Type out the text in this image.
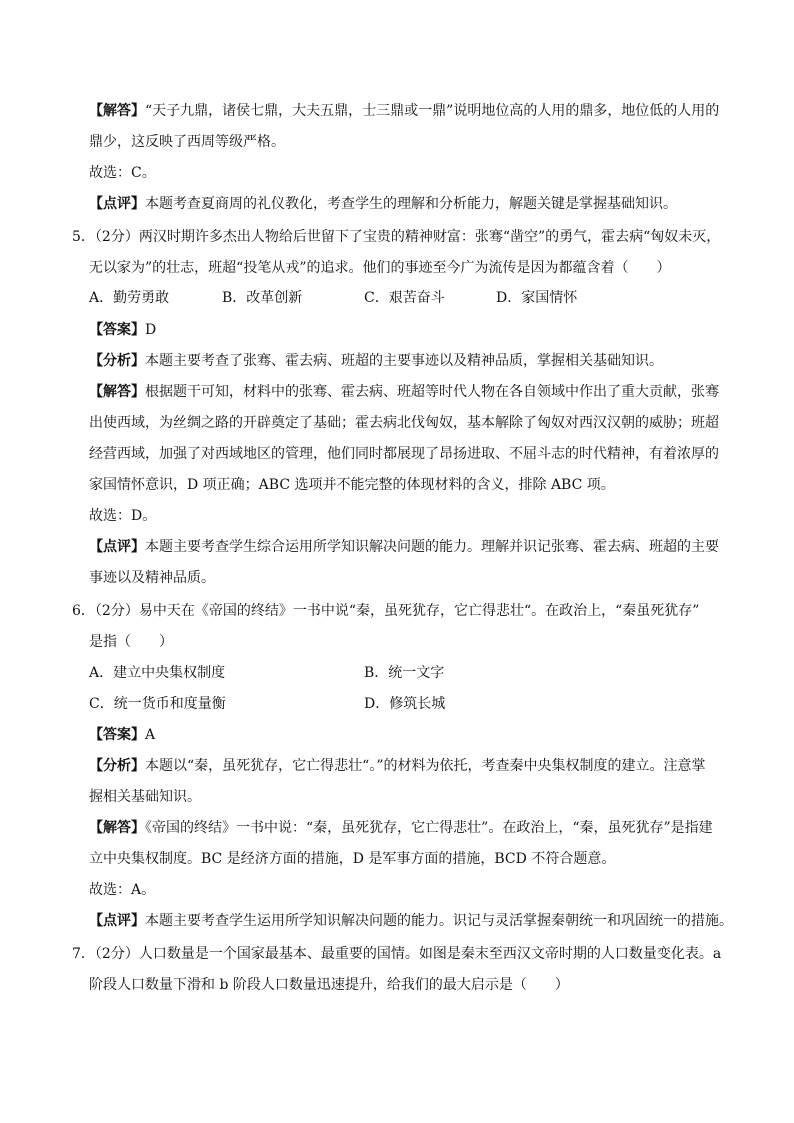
【解答】“天子九鼎，诸侯七鼎，大夫五鼎，士三鼎或一鼎”说明地位高的人用的鼎多，地位低的人用的
鼎少，这反映了西周等级严格。
故选：C。
【点评】本题考查夏商周的礼仪教化，考查学生的理解和分析能力，解题关键是掌握基础知识。
5．（2分）两汉时期许多杰出人物给后世留下了宝贵的精神财富：张骞“凿空”的勇气，霍去病“匈奴未灭，
无以家为”的壮志，班超“投笔从戎”的追求。他们的事迹至今广为流传是因为都蕴含着（　　）
A．勤劳勇敢	B．改革创新	C．艰苦奋斗	D．家国情怀
【答案】D
【分析】本题主要考查了张骞、霍去病、班超的主要事迹以及精神品质，掌握相关基础知识。
【解答】根据题干可知，材料中的张骞、霍去病、班超等时代人物在各自领域中作出了重大贡献，张骞
出使西域，为丝绸之路的开辟奠定了基础；霍去病北伐匈奴，基本解除了匈奴对西汉汉朝的威胁；班超
经营西域，加强了对西域地区的管理，他们同时都展现了昂扬进取、不屈斗志的时代精神，有着浓厚的
家国情怀意识，D 项正确；ABC 选项并不能完整的体现材料的含义，排除 ABC 项。
故选：D。
【点评】本题主要考查学生综合运用所学知识解决问题的能力。理解并识记张骞、霍去病、班超的主要
事迹以及精神品质。
6．（2分）易中天在《帝国的终结》一书中说“秦，虽死犹存，它亡得悲壮“。在政治上，“秦虽死犹存”
是指（　　）
A．建立中央集权制度	B．统一文字
C．统一货币和度量衡	D．修筑长城
【答案】A
【分析】本题以“秦，虽死犹存，它亡得悲壮“。”的材料为依托，考查秦中央集权制度的建立。注意掌
握相关基础知识。
【解答】《帝国的终结》一书中说：“秦，虽死犹存，它亡得悲壮”。在政治上，“秦，虽死犹存”是指建
立中央集权制度。BC 是经济方面的措施，D 是军事方面的措施，BCD 不符合题意。
故选：A。
【点评】本题主要考查学生运用所学知识解决问题的能力。识记与灵活掌握秦朝统一和巩固统一的措施。
7．（2分）人口数量是一个国家最基本、最重要的国情。如图是秦末至西汉文帝时期的人口数量变化表。a
阶段人口数量下滑和 b 阶段人口数量迅速提升，给我们的最大启示是（　　）
